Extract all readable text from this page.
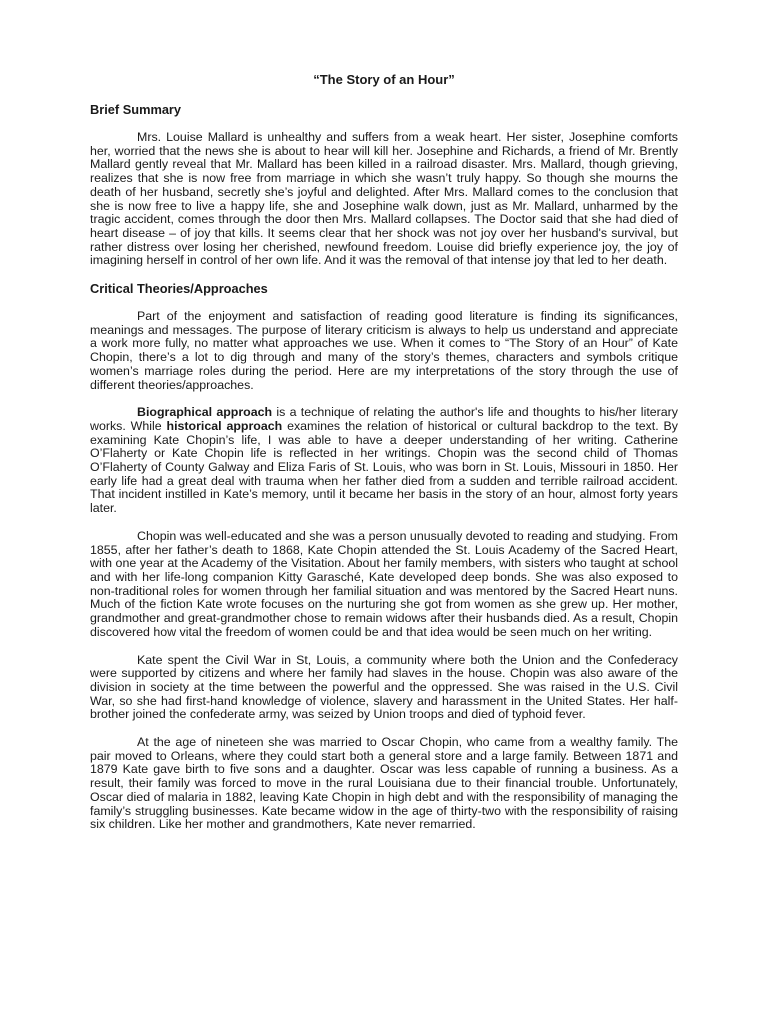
“The Story of an Hour”
Brief Summary

Mrs. Louise Mallard is unhealthy and suffers from a weak heart. Her sister, Josephine comforts her, worried that the news she is about to hear will kill her. Josephine and Richards, a friend of Mr. Brently Mallard gently reveal that Mr. Mallard has been killed in a railroad disaster. Mrs. Mallard, though grieving, realizes that she is now free from marriage in which she wasn’t truly happy. So though she mourns the death of her husband, secretly she’s joyful and delighted. After Mrs. Mallard comes to the conclusion that she is now free to live a happy life, she and Josephine walk down, just as Mr. Mallard, unharmed by the tragic accident, comes through the door then Mrs. Mallard collapses. The Doctor said that she had died of heart disease – of joy that kills. It seems clear that her shock was not joy over her husband's survival, but rather distress over losing her cherished, newfound freedom. Louise did briefly experience joy, the joy of imagining herself in control of her own life. And it was the removal of that intense joy that led to her death.

Critical Theories/Approaches

Part of the enjoyment and satisfaction of reading good literature is finding its significances, meanings and messages. The purpose of literary criticism is always to help us understand and appreciate a work more fully, no matter what approaches we use. When it comes to “The Story of an Hour” of Kate Chopin, there’s a lot to dig through and many of the story’s themes, characters and symbols critique women’s marriage roles during the period. Here are my interpretations of the story through the use of different theories/approaches.

Biographical approach is a technique of relating the author's life and thoughts to his/her literary works. While historical approach examines the relation of historical or cultural backdrop to the text. By examining Kate Chopin’s life, I was able to have a deeper understanding of her writing. Catherine O’Flaherty or Kate Chopin life is reflected in her writings. Chopin was the second child of Thomas O’Flaherty of County Galway and Eliza Faris of St. Louis, who was born in St. Louis, Missouri in 1850. Her early life had a great deal with trauma when her father died from a sudden and terrible railroad accident. That incident instilled in Kate’s memory, until it became her basis in the story of an hour, almost forty years later.

Chopin was well-educated and she was a person unusually devoted to reading and studying. From 1855, after her father’s death to 1868, Kate Chopin attended the St. Louis Academy of the Sacred Heart, with one year at the Academy of the Visitation. About her family members, with sisters who taught at school and with her life-long companion Kitty Garasché, Kate developed deep bonds. She was also exposed to non-traditional roles for women through her familial situation and was mentored by the Sacred Heart nuns. Much of the fiction Kate wrote focuses on the nurturing she got from women as she grew up. Her mother, grandmother and great-grandmother chose to remain widows after their husbands died. As a result, Chopin discovered how vital the freedom of women could be and that idea would be seen much on her writing.

Kate spent the Civil War in St, Louis, a community where both the Union and the Confederacy were supported by citizens and where her family had slaves in the house. Chopin was also aware of the division in society at the time between the powerful and the oppressed. She was raised in the U.S. Civil War, so she had first-hand knowledge of violence, slavery and harassment in the United States. Her half-brother joined the confederate army, was seized by Union troops and died of typhoid fever.

At the age of nineteen she was married to Oscar Chopin, who came from a wealthy family. The pair moved to Orleans, where they could start both a general store and a large family. Between 1871 and 1879 Kate gave birth to five sons and a daughter. Oscar was less capable of running a business. As a result, their family was forced to move in the rural Louisiana due to their financial trouble. Unfortunately, Oscar died of malaria in 1882, leaving Kate Chopin in high debt and with the responsibility of managing the family’s struggling businesses. Kate became widow in the age of thirty-two with the responsibility of raising six children. Like her mother and grandmothers, Kate never remarried.
